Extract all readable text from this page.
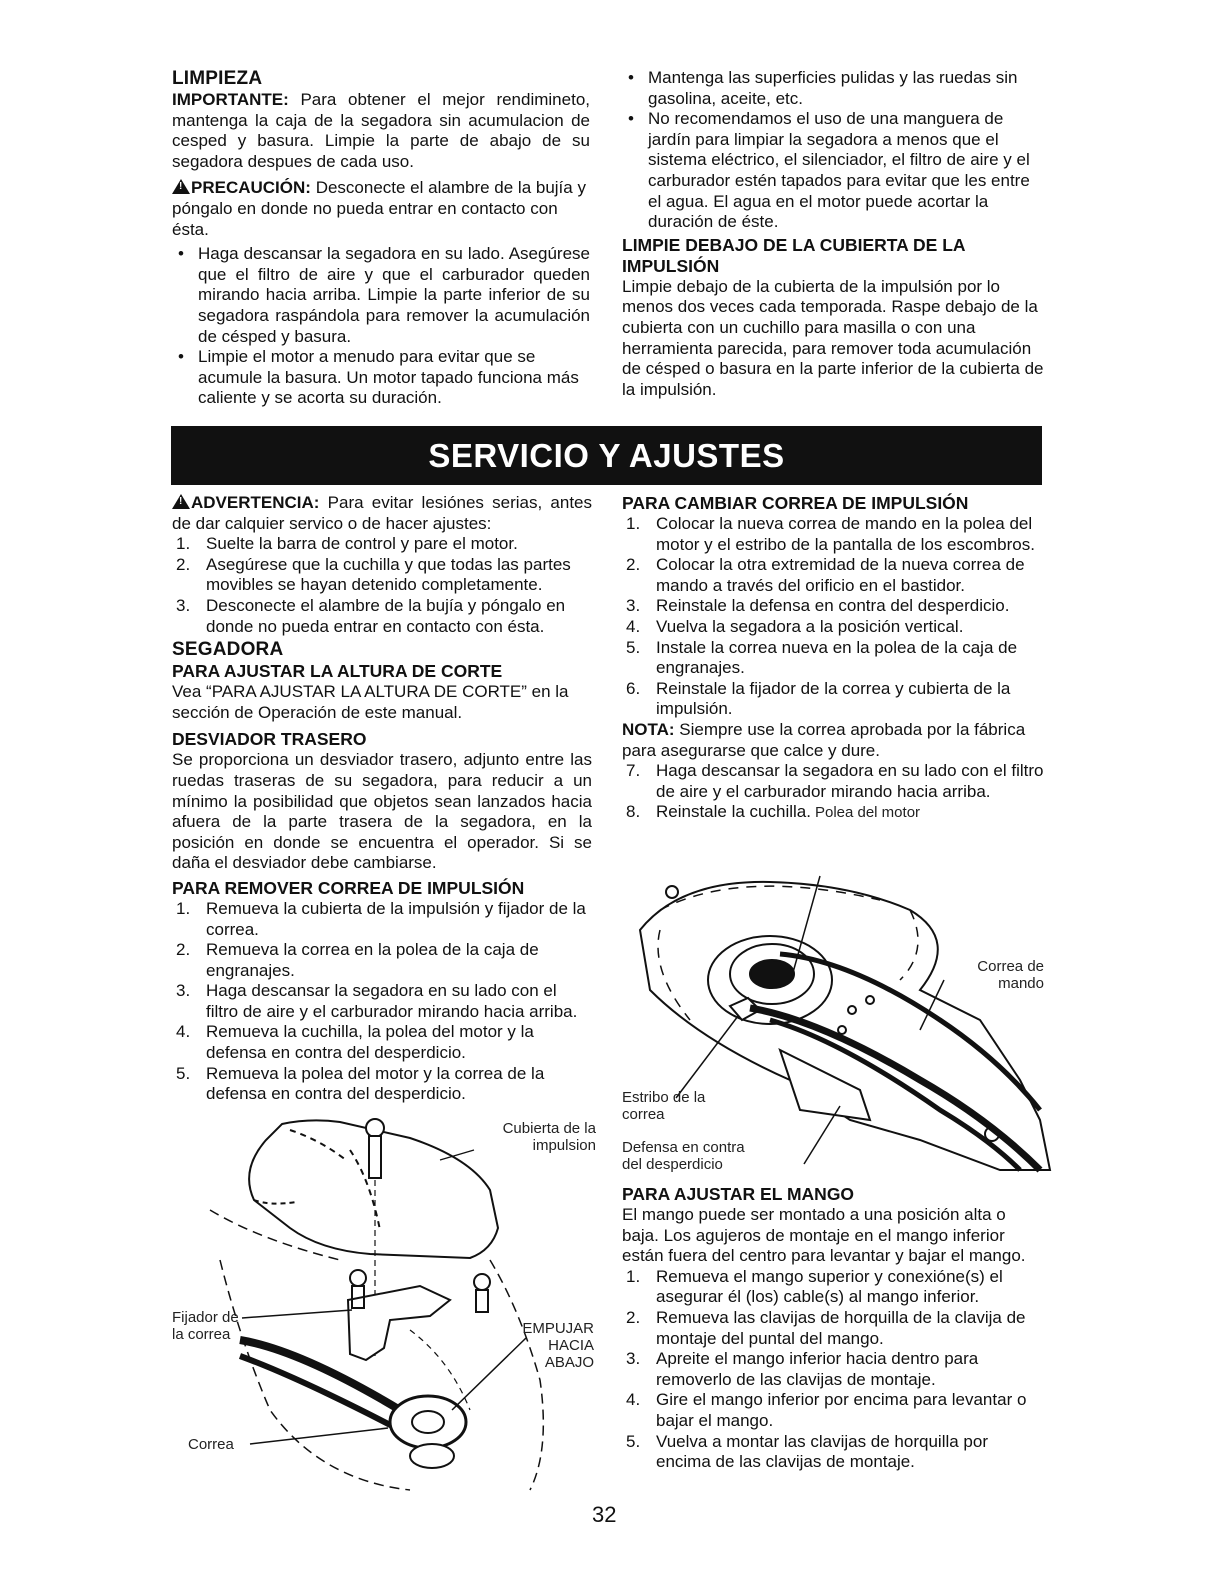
LIMPIEZA

IMPORTANTE: Para obtener el mejor rendimineto, mantenga la caja de la segadora sin acumulacion de cesped y basura. Limpie la parte de abajo de su segadora despues de cada uso.

!PRECAUCIÓN: Desconecte el alambre de la bujía y póngalo en donde no pueda entrar en contacto con ésta.

• Haga descansar la segadora en su lado. Asegúrese que el filtro de aire y que el carburador queden mirando hacia arriba. Limpie la parte inferior de su segadora raspándola para remover la acumulación de césped y basura.
• Limpie el motor a menudo para evitar que se acumule la basura. Un motor tapado funciona más caliente y se acorta su duración.
• Mantenga las superficies pulidas y las ruedas sin gasolina, aceite, etc.
• No recomendamos el uso de una manguera de jardín para limpiar la segadora a menos que el sistema eléctrico, el silenciador, el filtro de aire y el carburador estén tapados para evitar que les entre el agua. El agua en el motor puede acortar la duración de éste.
LIMPIE DEBAJO DE LA CUBIERTA DE LA IMPULSIÓN

Limpie debajo de la cubierta de la impulsión por lo menos dos veces cada temporada. Raspe debajo de la cubierta con un cuchillo para masilla o con una herramienta parecida, para remover toda acumulación de césped o basura en la parte inferior de la cubierta de la impulsión.

SERVICIO Y AJUSTES

!ADVERTENCIA: Para evitar lesiónes serias, antes de dar calquier servico o de hacer ajustes:

1. Suelte la barra de control y pare el motor.
2. Asegúrese que la cuchilla y que todas las partes movibles se hayan detenido completamente.
3. Desconecte el alambre de la bujía y póngalo en donde no pueda entrar en contacto con ésta.
SEGADORA
PARA AJUSTAR LA ALTURA DE CORTE

Vea “PARA AJUSTAR LA ALTURA DE CORTE” en la sección de Operación de este manual.

DESVIADOR TRASERO

Se proporciona un desviador trasero, adjunto entre las ruedas traseras de su segadora, para reducir a un mínimo la posibilidad que objetos sean lanzados hacia afuera de la parte trasera de la segadora, en la posición en donde se encuentra el operador. Si se daña el desviador debe cambiarse.

PARA REMOVER CORREA DE IMPULSIÓN
1. Remueva la cubierta de la impulsión y fijador de la correa.
2. Remueva la correa en la polea de la caja de engranajes.
3. Haga descansar la segadora en su lado con el filtro de aire y el carburador mirando hacia arriba.
4. Remueva la cuchilla, la polea del motor y la defensa en contra del desperdicio.
5. Remueva la polea del motor y la correa de la defensa en contra del desperdicio.
Cubierta de la impulsion
Fijador de la correa	EMPUJAR HACIA ABAJO
Correa
PARA CAMBIAR CORREA DE IMPULSIÓN
1. Colocar la nueva correa de mando en la polea del motor y el estribo de la pantalla de los escombros.
2. Colocar la otra extremidad de la nueva correa de mando a través del orificio en el bastidor.
3. Reinstale la defensa en contra del desperdicio.
4. Vuelva la segadora a la posición vertical.
5. Instale la correa nueva en la polea de la caja de engranajes.
6. Reinstale la fijador de la correa y cubierta de la impulsión.

NOTA: Siempre use la correa aprobada por la fábrica para asegurarse que calce y dure.

7. Haga descansar la segadora en su lado con el filtro de aire y el carburador mirando hacia arriba.
8. Reinstale la cuchilla. Polea del motor
Correa de mando
Estribo de la correa
Defensa en contra del desperdicio
PARA AJUSTAR EL MANGO

El mango puede ser montado a una posición alta o baja. Los agujeros de montaje en el mango inferior están fuera del centro para levantar y bajar el mango.

1. Remueva el mango superior y conexióne(s) el asegurar él (los) cable(s) al mango inferior.
2. Remueva las clavijas de horquilla de la clavija de montaje del puntal del mango.
3. Apreite el mango inferior hacia dentro para removerlo de las clavijas de montaje.
4. Gire el mango inferior por encima para levantar o bajar el mango.
5. Vuelva a montar las clavijas de horquilla por encima de las clavijas de montaje.
32
